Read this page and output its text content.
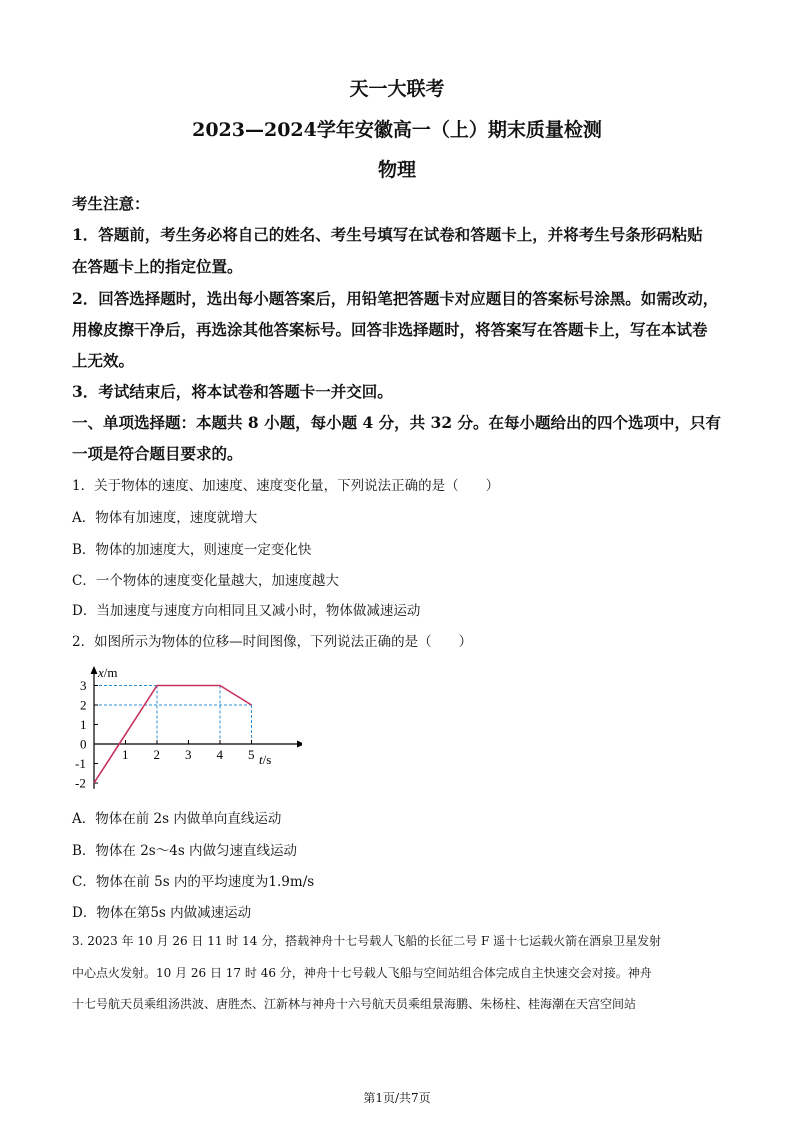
天一大联考
2023—2024学年安徽高一（上）期末质量检测
物理
考生注意：
1．答题前，考生务必将自己的姓名、考生号填写在试卷和答题卡上，并将考生号条形码粘贴
在答题卡上的指定位置。
2．回答选择题时，选出每小题答案后，用铅笔把答题卡对应题目的答案标号涂黑。如需改动，
用橡皮擦干净后，再选涂其他答案标号。回答非选择题时，将答案写在答题卡上，写在本试卷
上无效。
3．考试结束后，将本试卷和答题卡一并交回。
一、单项选择题：本题共 8 小题，每小题 4 分，共 32 分。在每小题给出的四个选项中，只有
一项是符合题目要求的。
1．关于物体的速度、加速度、速度变化量，下列说法正确的是（　　）
A．物体有加速度，速度就增大
B．物体的加速度大，则速度一定变化快
C．一个物体的速度变化量越大，加速度越大
D．当加速度与速度方向相同且又减小时，物体做减速运动
2．如图所示为物体的位移—时间图像，下列说法正确的是（　　）
1 2 3 4 5
3
2
1
0
-1
-2
x/m
t/s
A．物体在前 2s 内做单向直线运动
B．物体在 2s～4s 内做匀速直线运动
C．物体在前 5s 内的平均速度为1.9m/s
D．物体在第5s 内做减速运动
3. 2023 年 10 月 26 日 11 时 14 分，搭载神舟十七号载人飞船的长征二号 F 遥十七运载火箭在酒泉卫星发射
中心点火发射。10 月 26 日 17 时 46 分，神舟十七号载人飞船与空间站组合体完成自主快速交会对接。神舟
十七号航天员乘组汤洪波、唐胜杰、江新林与神舟十六号航天员乘组景海鹏、朱杨柱、桂海潮在天宫空间站
第1页/共7页
